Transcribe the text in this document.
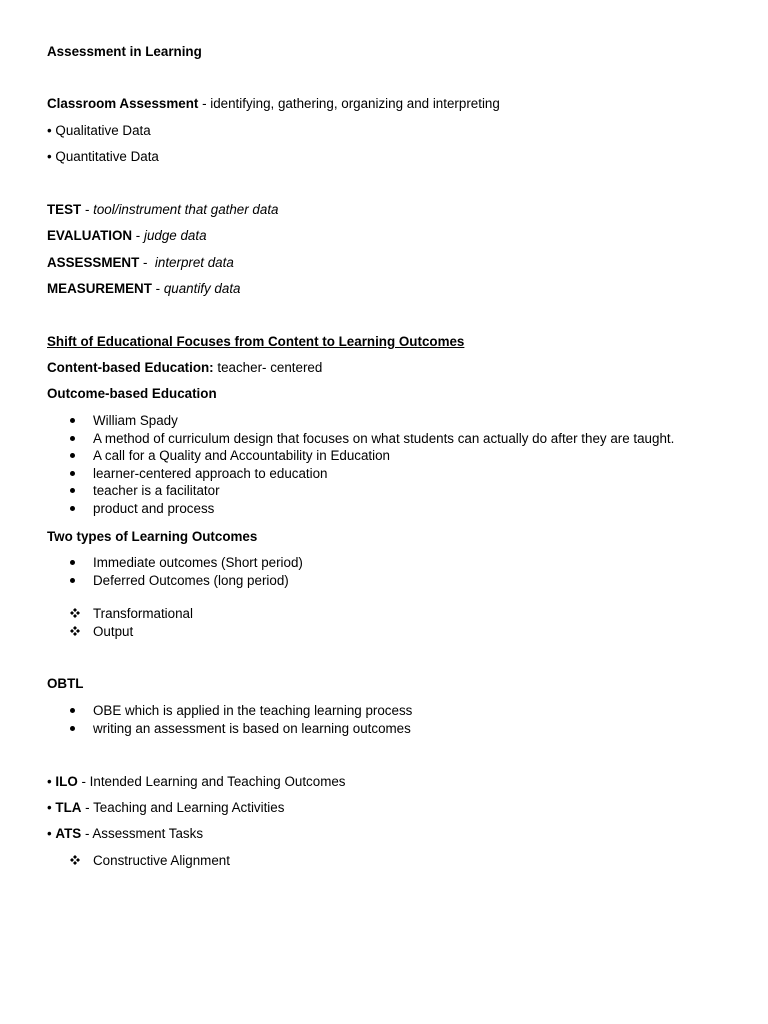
Assessment in Learning
Classroom Assessment - identifying, gathering, organizing and interpreting
• Qualitative Data
• Quantitative Data
TEST - tool/instrument that gather data
EVALUATION - judge data
ASSESSMENT -  interpret data
MEASUREMENT - quantify data
Shift of Educational Focuses from Content to Learning Outcomes
Content-based Education: teacher- centered
Outcome-based Education
William Spady
A method of curriculum design that focuses on what students can actually do after they are taught.
A call for a Quality and Accountability in Education
learner-centered approach to education
teacher is a facilitator
product and process
Two types of Learning Outcomes
Immediate outcomes (Short period)
Deferred Outcomes (long period)
Transformational
Output
OBTL
OBE which is applied in the teaching learning process
writing an assessment is based on learning outcomes
• ILO - Intended Learning and Teaching Outcomes
• TLA - Teaching and Learning Activities
• ATS - Assessment Tasks
Constructive Alignment
